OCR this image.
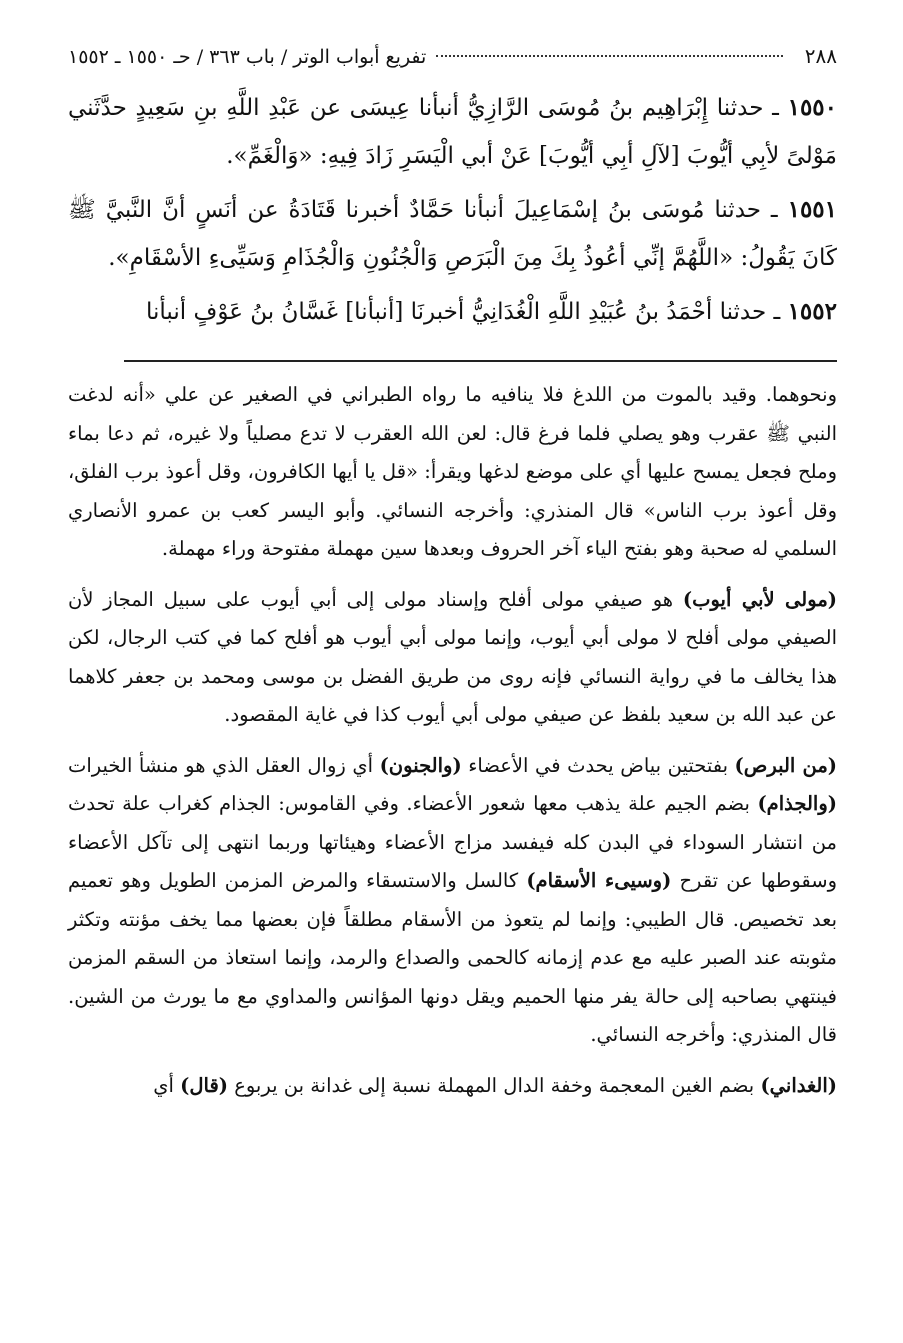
٢٨٨
تفريع أبواب الوتر / باب ٣٦٣ / حـ ١٥٥٠ ـ ١٥٥٢

١٥٥٠ ـ حدثنا إِبْرَاهِيم بنُ مُوسَى الرَّازِيُّ أنبأنا عِيسَى عن عَبْدِ اللَّهِ بنِ سَعِيدٍ حدَّثَني مَوْلىً لأبِي أيُّوبَ [لآلِ أبِي أيُّوبَ] عَنْ أبي الْيَسَرِ زَادَ فِيهِ: «وَالْغَمِّ».

١٥٥١ ـ حدثنا مُوسَى بنُ إسْمَاعِيلَ أنبأنا حَمَّادٌ أخبرنا قَتَادَةُ عن أنَسٍ أنَّ النَّبيَّ ﷺ كَانَ يَقُولُ: «اللَّهُمَّ إنِّي أعُوذُ بِكَ مِنَ الْبَرَصِ وَالْجُنُونِ وَالْجُذَامِ وَسَيِّىءِ الأسْقَامِ».

١٥٥٢ ـ حدثنا أحْمَدُ بنُ عُبَيْدِ اللَّهِ الْغُدَانِيُّ أخبرنَا [أنبأنا] غَسَّانُ بنُ عَوْفٍ أنبأنا

ونحوهما. وقيد بالموت من اللدغ فلا ينافيه ما رواه الطبراني في الصغير عن علي «أنه لدغت النبي ﷺ عقرب وهو يصلي فلما فرغ قال: لعن الله العقرب لا تدع مصلياً ولا غيره، ثم دعا بماء وملح فجعل يمسح عليها أي على موضع لدغها ويقرأ: «قل يا أيها الكافرون، وقل أعوذ برب الفلق، وقل أعوذ برب الناس» قال المنذري: وأخرجه النسائي. وأبو اليسر كعب بن عمرو الأنصاري السلمي له صحبة وهو بفتح الياء آخر الحروف وبعدها سين مهملة مفتوحة وراء مهملة.

(مولى لأبي أيوب) هو صيفي مولى أفلح وإسناد مولى إلى أبي أيوب على سبيل المجاز لأن الصيفي مولى أفلح لا مولى أبي أيوب، وإنما مولى أبي أيوب هو أفلح كما في كتب الرجال، لكن هذا يخالف ما في رواية النسائي فإنه روى من طريق الفضل بن موسى ومحمد بن جعفر كلاهما عن عبد الله بن سعيد بلفظ عن صيفي مولى أبي أيوب كذا في غاية المقصود.

(من البرص) بفتحتين بياض يحدث في الأعضاء (والجنون) أي زوال العقل الذي هو منشأ الخيرات (والجذام) بضم الجيم علة يذهب معها شعور الأعضاء. وفي القاموس: الجذام كغراب علة تحدث من انتشار السوداء في البدن كله فيفسد مزاج الأعضاء وهيئاتها وربما انتهى إلى تآكل الأعضاء وسقوطها عن تقرح (وسيىء الأسقام) كالسل والاستسقاء والمرض المزمن الطويل وهو تعميم بعد تخصيص. قال الطيبي: وإنما لم يتعوذ من الأسقام مطلقاً فإن بعضها مما يخف مؤنته وتكثر مثوبته عند الصبر عليه مع عدم إزمانه كالحمى والصداع والرمد، وإنما استعاذ من السقم المزمن فينتهي بصاحبه إلى حالة يفر منها الحميم ويقل دونها المؤانس والمداوي مع ما يورث من الشين. قال المنذري: وأخرجه النسائي.

(الغداني) بضم الغين المعجمة وخفة الدال المهملة نسبة إلى غدانة بن يربوع (قال) أي
